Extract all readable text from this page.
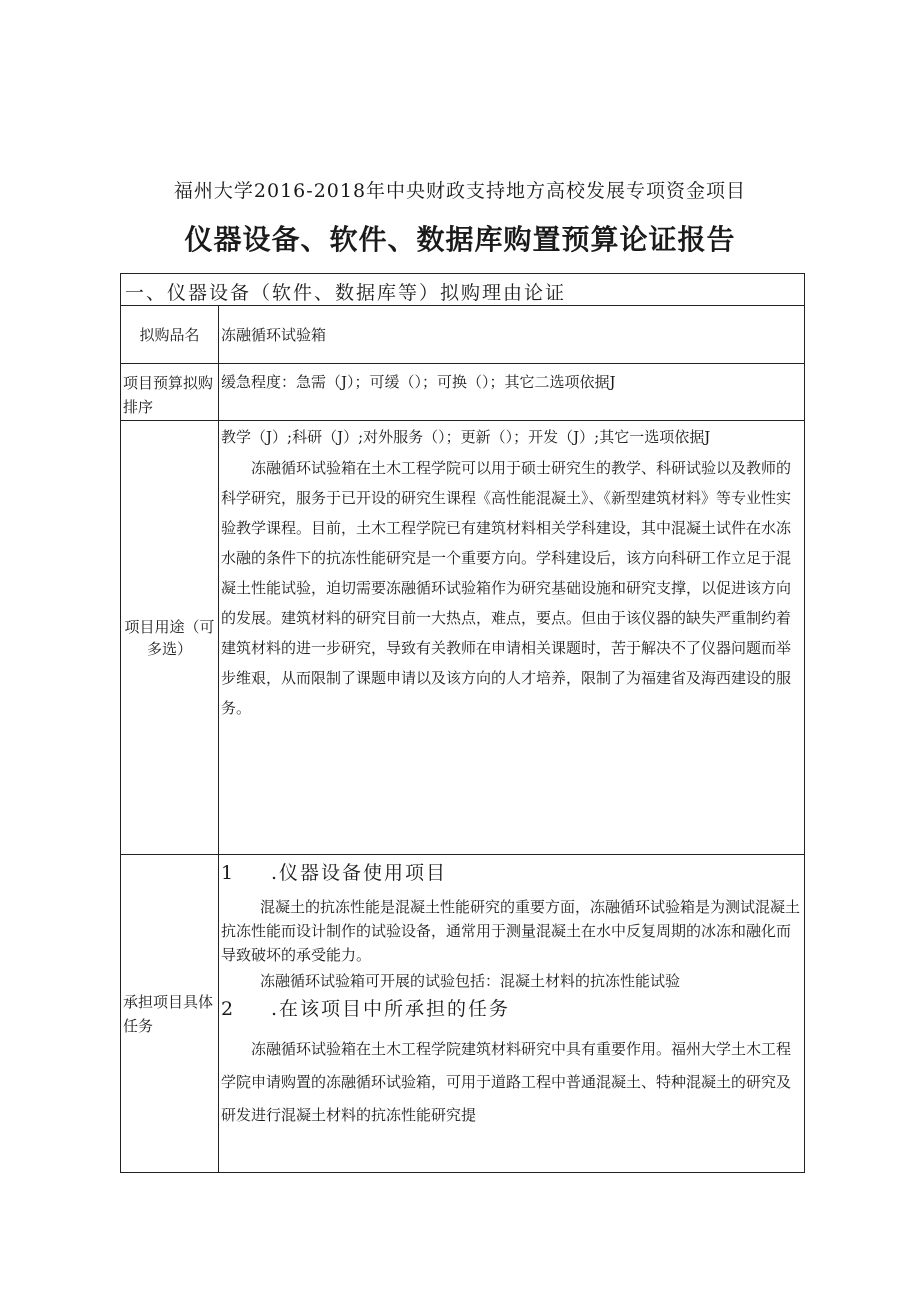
福州大学2016-2018年中央财政支持地方高校发展专项资金项目
仪器设备、软件、数据库购置预算论证报告
一、仪器设备（软件、数据库等）拟购理由论证
拟购品名	冻融循环试验箱
项目预算拟购排序
缓急程度：急需（J）；可缓（）；可换（）；其它二选项依据J
项目用途（可多选）
教学（J）;科研（J）;对外服务（）；更新（）；开发（J）;其它一选项依据J
冻融循环试验箱在土木工程学院可以用于硕士研究生的教学、科研试验以及教师的科学研究，服务于已开设的研究生课程《高性能混凝土》、《新型建筑材料》等专业性实验教学课程。目前，土木工程学院已有建筑材料相关学科建设，其中混凝土试件在水冻水融的条件下的抗冻性能研究是一个重要方向。学科建设后，该方向科研工作立足于混凝土性能试验，迫切需要冻融循环试验箱作为研究基础设施和研究支撑，以促进该方向的发展。建筑材料的研究目前一大热点，难点，要点。但由于该仪器的缺失严重制约着建筑材料的进一步研究，导致有关教师在申请相关课题时，苦于解决不了仪器问题而举步维艰，从而限制了课题申请以及该方向的人才培养，限制了为福建省及海西建设的服务。
承担项目具体任务
1 .仪器设备使用项目
混凝土的抗冻性能是混凝土性能研究的重要方面，冻融循环试验箱是为测试混凝土抗冻性能而设计制作的试验设备，通常用于测量混凝土在水中反复周期的冰冻和融化而导致破坏的承受能力。
冻融循环试验箱可开展的试验包括：混凝土材料的抗冻性能试验
2 .在该项目中所承担的任务
冻融循环试验箱在土木工程学院建筑材料研究中具有重要作用。福州大学土木工程学院申请购置的冻融循环试验箱，可用于道路工程中普通混凝土、特种混凝土的研究及研发进行混凝土材料的抗冻性能研究提
